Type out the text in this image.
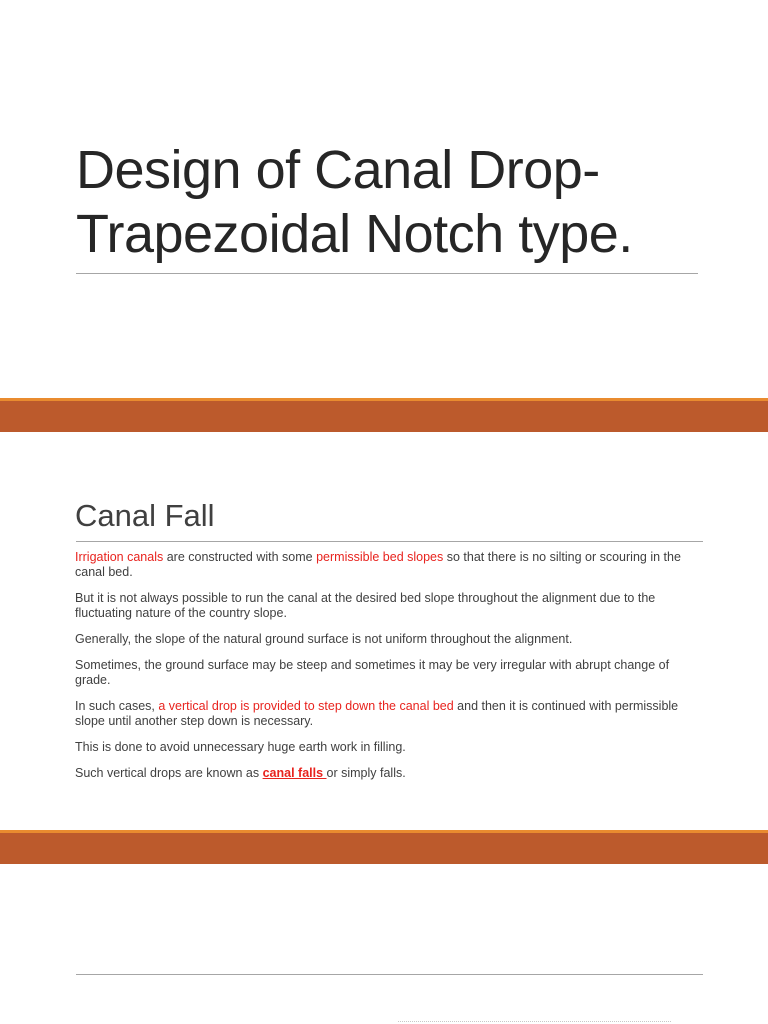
Design of Canal Drop-
Trapezoidal Notch type.
Canal Fall

Irrigation canals are constructed with some permissible bed slopes so that there is no silting or scouring in the canal bed.

But it is not always possible to run the canal at the desired bed slope throughout the alignment due to the fluctuating nature of the country slope.

Generally, the slope of the natural ground surface is not uniform throughout the alignment.

Sometimes, the ground surface may be steep and sometimes it may be very irregular with abrupt change of grade.

In such cases, a vertical drop is provided to step down the canal bed and then it is continued with permissible slope until another step down is necessary.

This is done to avoid unnecessary huge earth work in filling.

Such vertical drops are known as canal falls or simply falls.
